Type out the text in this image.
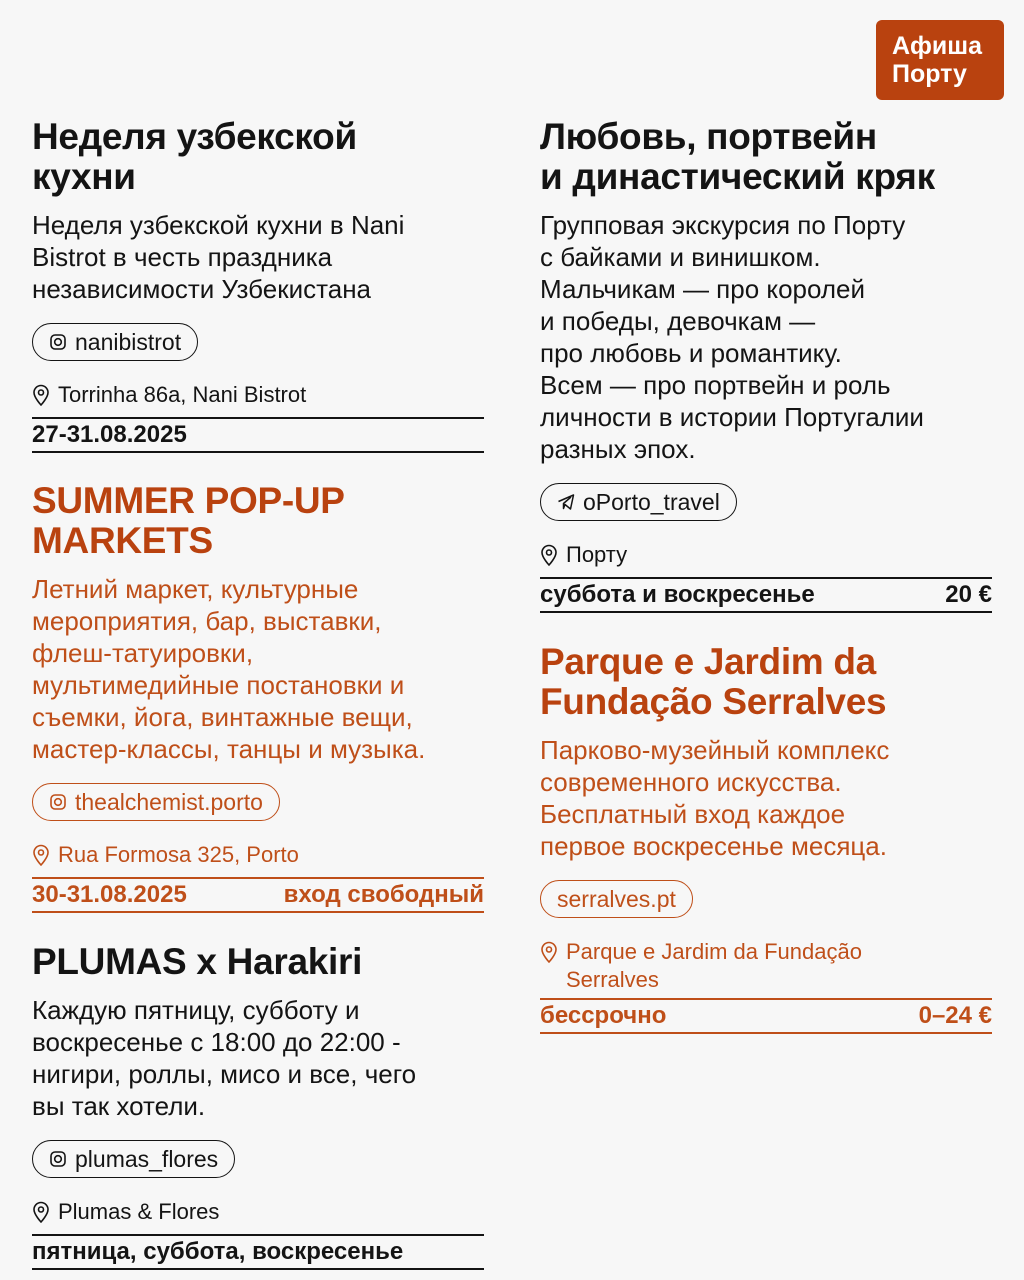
Афиша
Порту
Неделя узбекской
кухни
Неделя узбекской кухни в Nani
Bistrot в честь праздника
независимости Узбекистана
nanibistrot
Torrinha 86a, Nani Bistrot
27-31.08.2025
SUMMER POP-UP
MARKETS
Летний маркет, культурные
мероприятия, бар, выставки,
флеш-татуировки,
мультимедийные постановки и
съемки, йога, винтажные вещи,
мастер-классы, танцы и музыка.
thealchemist.porto
Rua Formosa 325, Porto
30-31.08.2025	вход свободный
PLUMAS x Harakiri
Каждую пятницу, субботу и
воскресенье с 18:00 до 22:00 -
нигири, роллы, мисо и все, чего
вы так хотели.
plumas_flores
Plumas & Flores
пятница, суббота, воскресенье
Любовь, портвейн
и династический кряк
Групповая экскурсия по Порту
с байками и винишком.
Мальчикам — про королей
и победы, девочкам —
про любовь и романтику.
Всем — про портвейн и роль
личности в истории Португалии
разных эпох.
oPorto_travel
Порту
суббота и воскресенье	20 €
Parque e Jardim da
Fundação Serralves
Парково-музейный комплекс
современного искусства.
Бесплатный вход каждое
первое воскресенье месяца.
serralves.pt
Parque e Jardim da Fundação
Serralves
бессрочно	0–24 €
